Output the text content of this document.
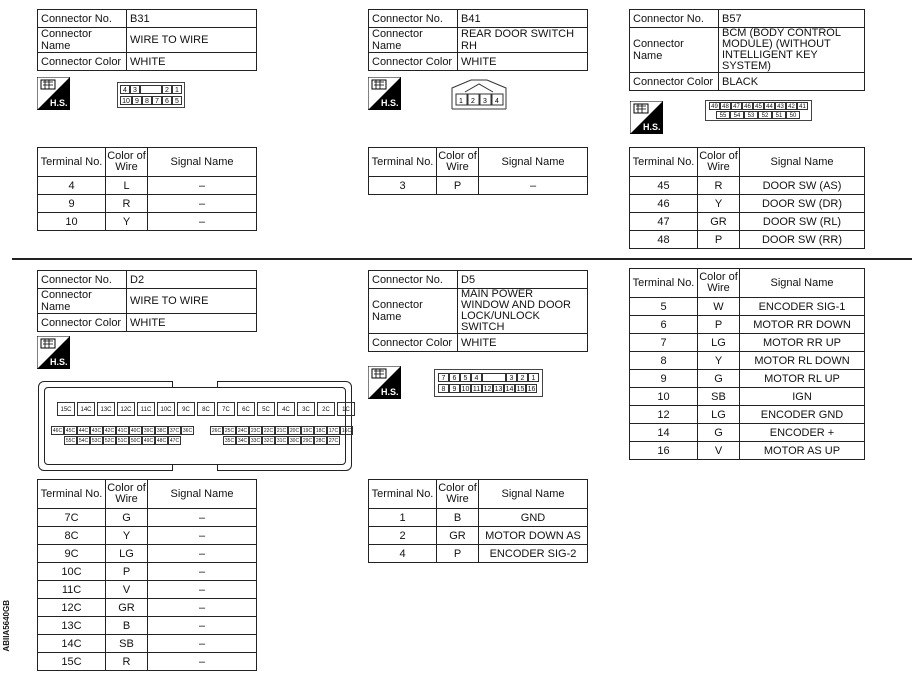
Connector No.	B31
Connector Name	WIRE TO WIRE
Connector Color	WHITE
H.S.
4 3	2 1
10 9 8 7 6 5
Terminal No.	Color of Wire	Signal Name
4	L	–
9	R	–
10	Y	–
Connector No.	B41
Connector Name	REAR DOOR SWITCH RH
Connector Color	WHITE
H.S.	1 2 3 4
Terminal No.	Color of Wire	Signal Name
3	P	–
Connector No.	B57
Connector Name	BCM (BODY CONTROL MODULE) (WITHOUT INTELLIGENT KEY SYSTEM)
Connector Color	BLACK
H.S.
49 48 47 46 45 44 43 42 41
55	54	53	52	51	50
Terminal No.	Color of Wire	Signal Name
45	R	DOOR SW (AS)
46	Y	DOOR SW (DR)
47	GR	DOOR SW (RL)
48	P	DOOR SW (RR)
Connector No.	D2
Connector Name	WIRE TO WIRE
Connector Color	WHITE
H.S.
15C	14C	13C	12C	11C	10C	9C	8C	7C	6C	5C	4C	3C	2C	1C
46C 45C 44C 43C 42C 41C 40C 39C 38C 37C 36C	26C 25C 24C 23C 22C 21C 20C 19C 18C 17C 16C
55C 54C 53C 52C 51C 50C 49C 48C 47C	35C 34C 33C 32C 31C 30C 29C 28C 27C
Terminal No.	Color of Wire	Signal Name
7C	G	–
8C	Y	–
9C	LG	–
10C	P	–
11C	V	–
12C	GR	–
13C	B	–
14C	SB	–
15C	R	–
Connector No.	D5
Connector Name	MAIN POWER WINDOW AND DOOR LOCK/UNLOCK SWITCH
Connector Color	WHITE
H.S.
7	6	5	4	3	2	1
8	9 10 11 12 13 14 15 16
Terminal No.	Color of Wire	Signal Name
1	B	GND
2	GR	MOTOR DOWN AS
4	P	ENCODER SIG-2
Terminal No.	Color of Wire	Signal Name
5	W	ENCODER SIG-1
6	P	MOTOR RR DOWN
7	LG	MOTOR RR UP
8	Y	MOTOR RL DOWN
9	G	MOTOR RL UP
10	SB	IGN
12	LG	ENCODER GND
14	G	ENCODER +
16	V	MOTOR AS UP
ABIIA5640GB
